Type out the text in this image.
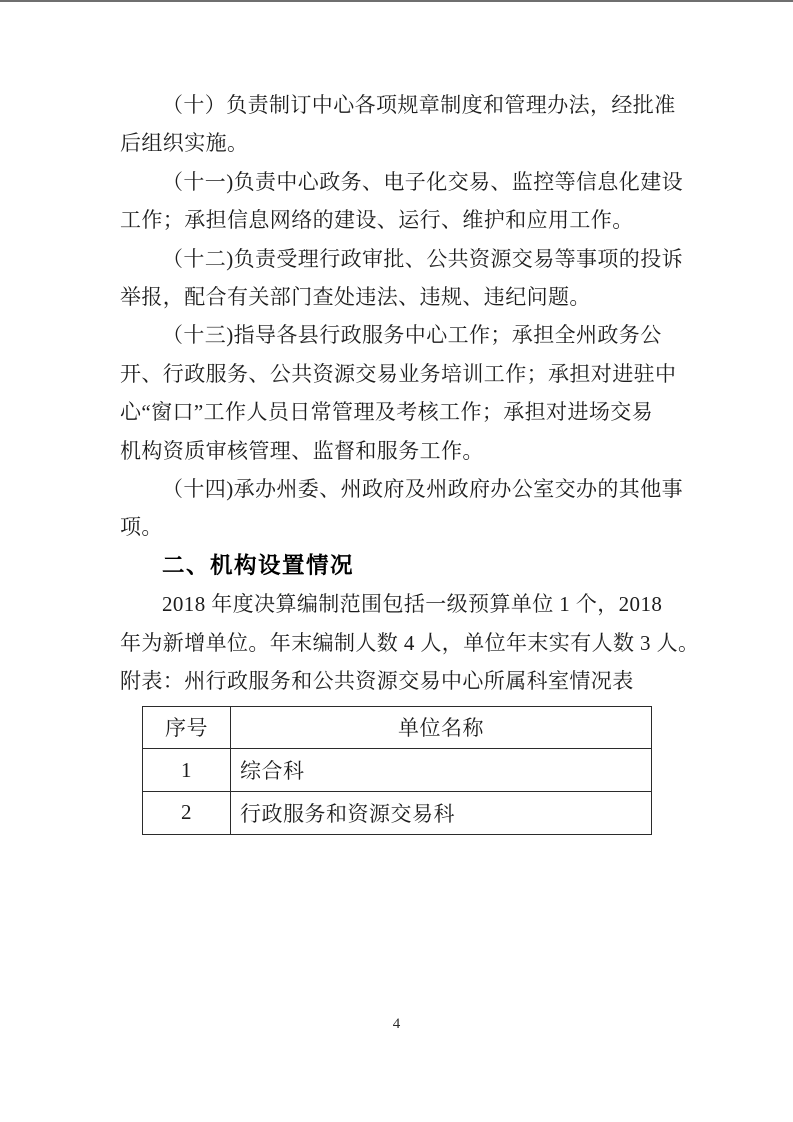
（十）负责制订中心各项规章制度和管理办法，经批准
后组织实施。
（十一)负责中心政务、电子化交易、监控等信息化建设
工作；承担信息网络的建设、运行、维护和应用工作。
（十二)负责受理行政审批、公共资源交易等事项的投诉
举报，配合有关部门查处违法、违规、违纪问题。
（十三)指导各县行政服务中心工作；承担全州政务公
开、行政服务、公共资源交易业务培训工作；承担对进驻中
心“窗口”工作人员日常管理及考核工作；承担对进场交易
机构资质审核管理、监督和服务工作。
（十四)承办州委、州政府及州政府办公室交办的其他事
项。
二、机构设置情况
2018 年度决算编制范围包括一级预算单位 1 个，2018
年为新增单位。年末编制人数 4 人，单位年末实有人数 3 人。
附表：州行政服务和公共资源交易中心所属科室情况表
序号	单位名称
1	综合科
2	行政服务和资源交易科
4
